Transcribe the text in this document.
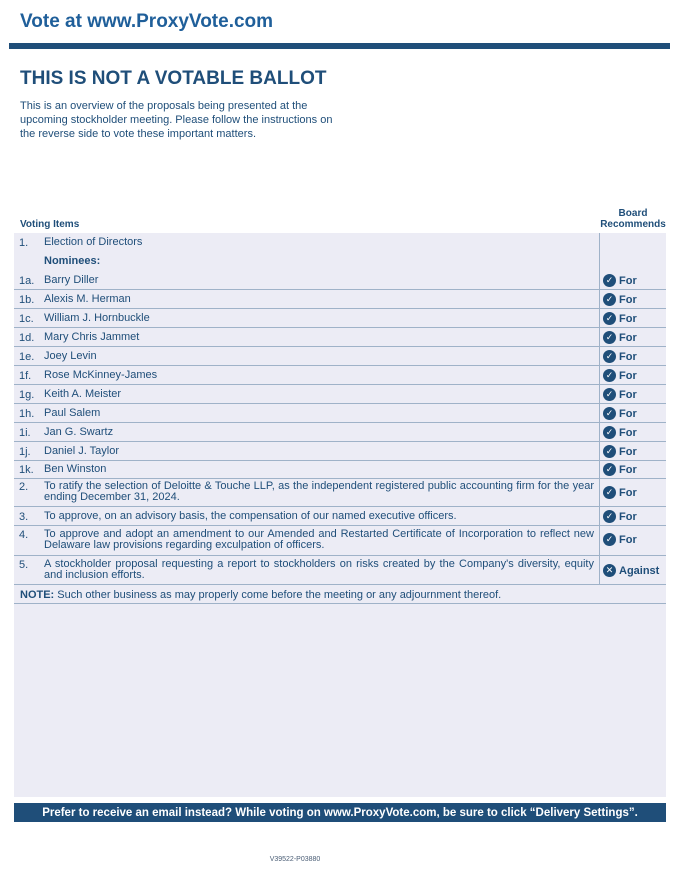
Vote at www.ProxyVote.com
THIS IS NOT A VOTABLE BALLOT
This is an overview of the proposals being presented at the upcoming stockholder meeting. Please follow the instructions on the reverse side to vote these important matters.
Voting Items
Board
Recommends
1. Election of Directors
Nominees:
1a. Barry Diller	✓ For
1b. Alexis M. Herman	✓ For
1c. William J. Hornbuckle	✓ For
1d. Mary Chris Jammet	✓ For
1e. Joey Levin	✓ For
1f. Rose McKinney-James	✓ For
1g. Keith A. Meister	✓ For
1h. Paul Salem	✓ For
1i. Jan G. Swartz	✓ For
1j. Daniel J. Taylor	✓ For
1k. Ben Winston	✓ For
2. To ratify the selection of Deloitte & Touche LLP, as the independent registered public accounting firm for the year ending December 31, 2024.	✓ For
3. To approve, on an advisory basis, the compensation of our named executive officers.	✓ For
4. To approve and adopt an amendment to our Amended and Restarted Certificate of Incorporation to reflect new Delaware law provisions regarding exculpation of officers.	✓ For
5. A stockholder proposal requesting a report to stockholders on risks created by the Company's diversity, equity and inclusion efforts.	✕ Against
NOTE: Such other business as may properly come before the meeting or any adjournment thereof.
Prefer to receive an email instead? While voting on www.ProxyVote.com, be sure to click “Delivery Settings”.
V39522-P03880
